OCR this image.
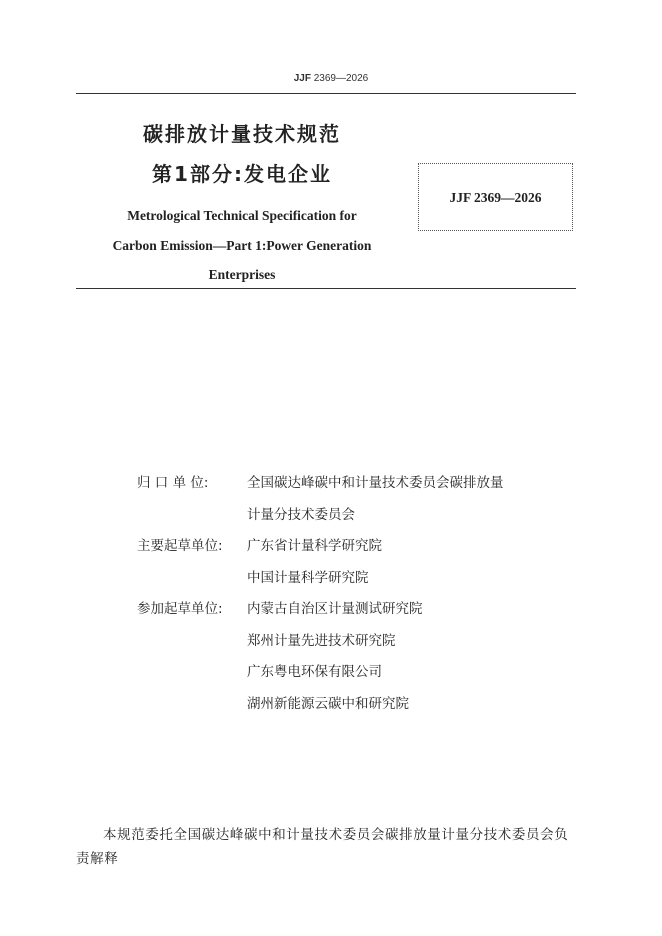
JJF 2369—2026
碳排放计量技术规范
第1部分:发电企业
Metrological Technical Specification for
Carbon Emission—Part 1:Power Generation
Enterprises
JJF 2369—2026
归 口 单 位:	全国碳达峰碳中和计量技术委员会碳排放量
计量分技术委员会
主要起草单位:	广东省计量科学研究院
中国计量科学研究院
参加起草单位:	内蒙古自治区计量测试研究院
郑州计量先进技术研究院
广东粤电环保有限公司
湖州新能源云碳中和研究院
本规范委托全国碳达峰碳中和计量技术委员会碳排放量计量分技术委员会负责解释
